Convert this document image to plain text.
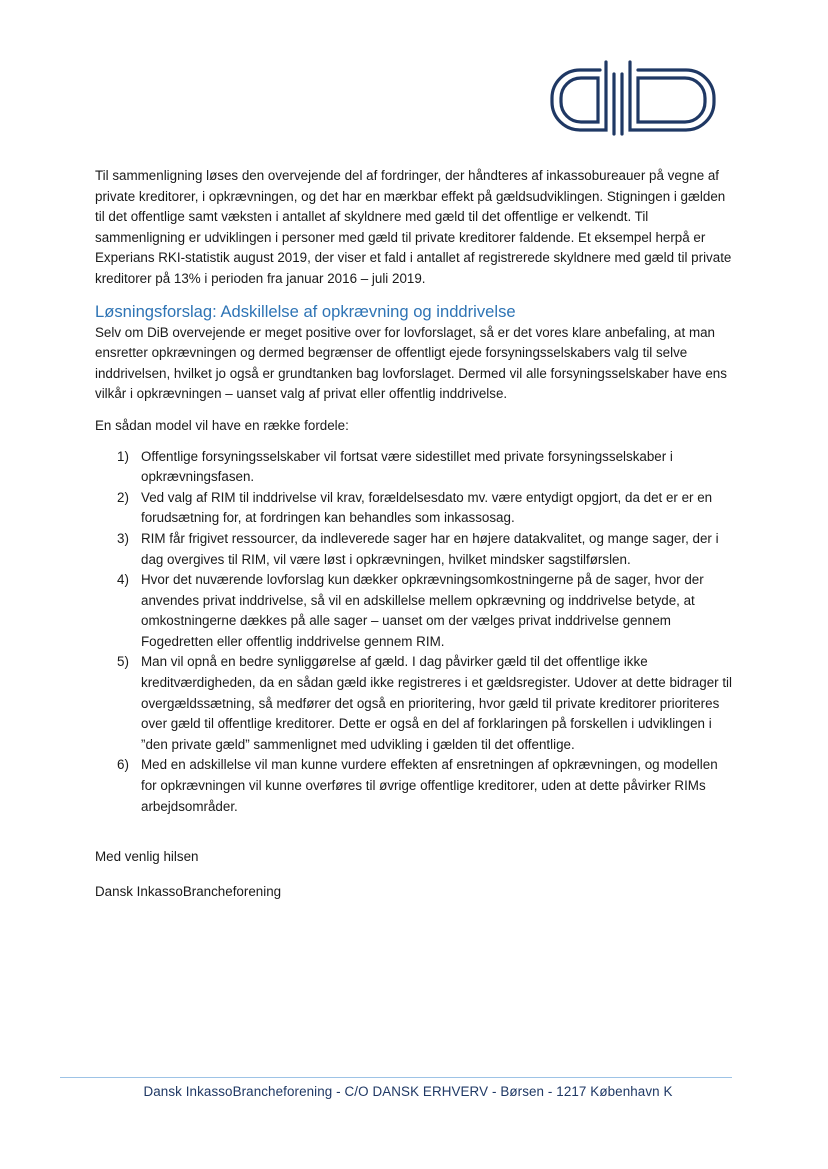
Til sammenligning løses den overvejende del af fordringer, der håndteres af inkassobureauer på vegne af private kreditorer, i opkrævningen, og det har en mærkbar effekt på gældsudviklingen. Stigningen i gælden til det offentlige samt væksten i antallet af skyldnere med gæld til det offentlige er velkendt. Til sammenligning er udviklingen i personer med gæld til private kreditorer faldende. Et eksempel herpå er Experians RKI-statistik august 2019, der viser et fald i antallet af registrerede skyldnere med gæld til private kreditorer på 13% i perioden fra januar 2016 – juli 2019.

Løsningsforslag: Adskillelse af opkrævning og inddrivelse

Selv om DiB overvejende er meget positive over for lovforslaget, så er det vores klare anbefaling, at man ensretter opkrævningen og dermed begrænser de offentligt ejede forsyningsselskabers valg til selve inddrivelsen, hvilket jo også er grundtanken bag lovforslaget. Dermed vil alle forsyningsselskaber have ens vilkår i opkrævningen – uanset valg af privat eller offentlig inddrivelse.

En sådan model vil have en række fordele:

1) Offentlige forsyningsselskaber vil fortsat være sidestillet med private forsyningsselskaber i opkrævningsfasen.
2) Ved valg af RIM til inddrivelse vil krav, forældelsesdato mv. være entydigt opgjort, da det er er en forudsætning for, at fordringen kan behandles som inkassosag.
3) RIM får frigivet ressourcer, da indleverede sager har en højere datakvalitet, og mange sager, der i dag overgives til RIM, vil være løst i opkrævningen, hvilket mindsker sagstilførslen.
4) Hvor det nuværende lovforslag kun dækker opkrævningsomkostningerne på de sager, hvor der anvendes privat inddrivelse, så vil en adskillelse mellem opkrævning og inddrivelse betyde, at omkostningerne dækkes på alle sager – uanset om der vælges privat inddrivelse gennem Fogedretten eller offentlig inddrivelse gennem RIM.
5) Man vil opnå en bedre synliggørelse af gæld. I dag påvirker gæld til det offentlige ikke kreditværdigheden, da en sådan gæld ikke registreres i et gældsregister. Udover at dette bidrager til overgældssætning, så medfører det også en prioritering, hvor gæld til private kreditorer prioriteres over gæld til offentlige kreditorer. Dette er også en del af forklaringen på forskellen i udviklingen i ”den private gæld” sammenlignet med udvikling i gælden til det offentlige.
6) Med en adskillelse vil man kunne vurdere effekten af ensretningen af opkrævningen, og modellen for opkrævningen vil kunne overføres til øvrige offentlige kreditorer, uden at dette påvirker RIMs arbejdsområder.

Med venlig hilsen

Dansk InkassoBrancheforening

Dansk InkassoBrancheforening - C/O DANSK ERHVERV - Børsen - 1217 København K
